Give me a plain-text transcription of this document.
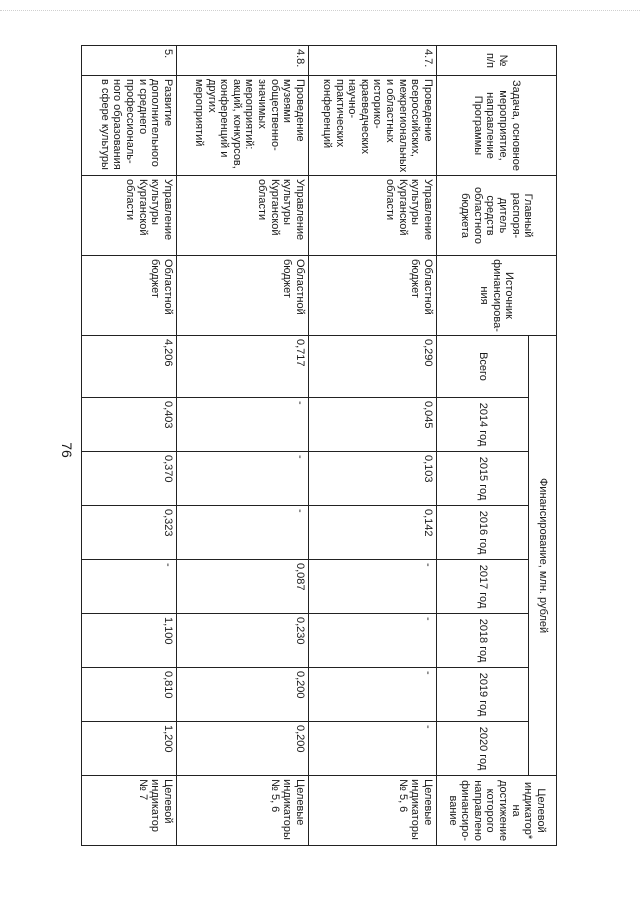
76
№ п/п	Задача, основное мероприятие, направление Программы	Главный распоря-дитель средств областного бюджета	Источник финансирова-ния	Финансирование, млн. рублей								Целевой индикатор* на достижение которого направлено финансиро-вание
				Всего	2014 год	2015 год	2016 год	2017 год	2018 год	2019 год	2020 год	
4.7.	Проведение всероссийских, межрегиональных и областных историко-краеведческих научно-практических конференций	Управление культуры Курганской области	Областной бюджет	0,290	0,045	0,103	0,142	-	-	-	-	Целевые индикаторы № 5, 6
4.8.	Проведение музеями общественно-значимых мероприятий: акций, конкурсов, конференций и других мероприятий	Управление культуры Курганской области	Областной бюджет	0,717	-	-	-	0,087	0,230	0,200	0,200	Целевые индикаторы № 5, 6
5.	Развитие дополнительного и среднего профессиональ-ного образования в сфере культуры	Управление культуры Курганской области	Областной бюджет	4,206	0,403	0,370	0,323	-	1,100	0,810	1,200	Целевой индикатор № 7
